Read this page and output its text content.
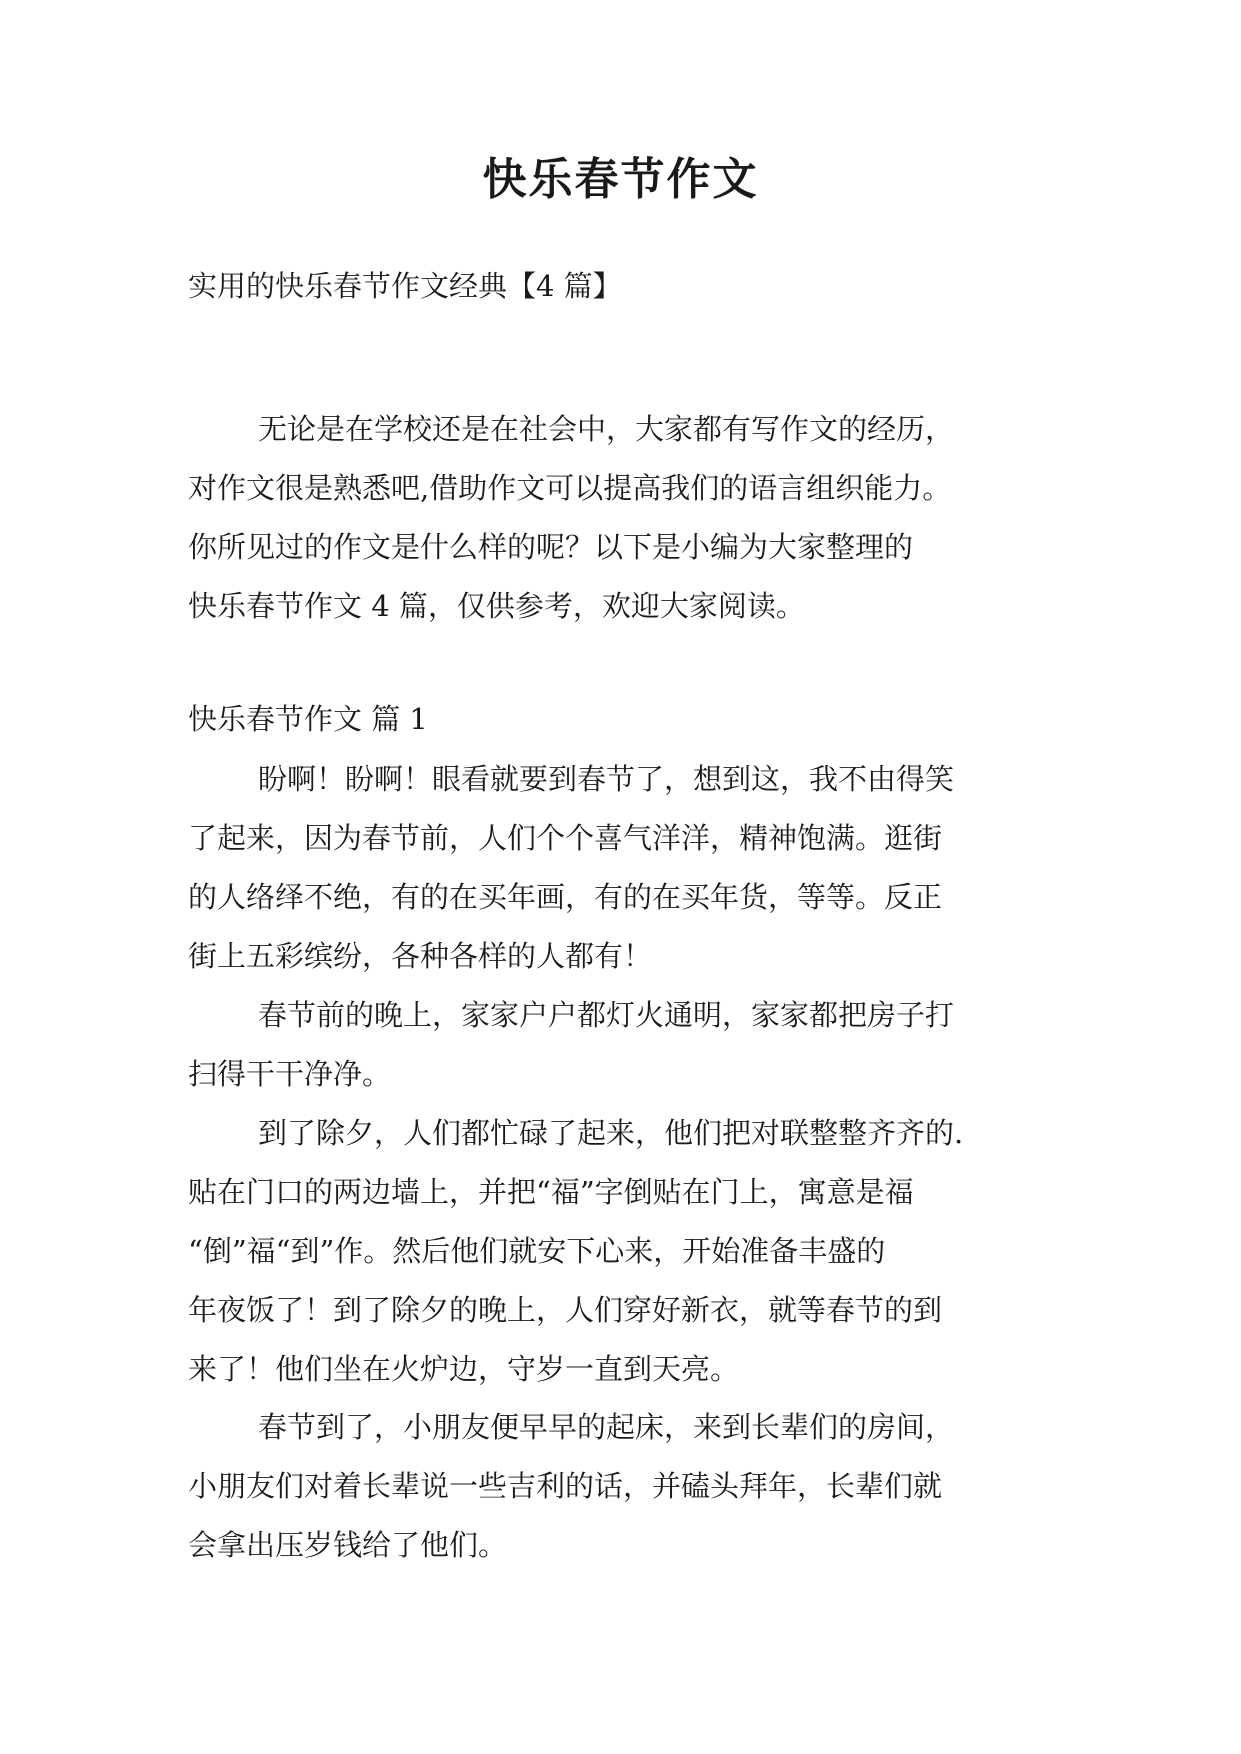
快乐春节作文
实用的快乐春节作文经典【4 篇】
无论是在学校还是在社会中，大家都有写作文的经历，
对作文很是熟悉吧,借助作文可以提高我们的语言组织能力。
你所见过的作文是什么样的呢？以下是小编为大家整理的
快乐春节作文 4 篇，仅供参考，欢迎大家阅读。
快乐春节作文 篇 1
盼啊！盼啊！眼看就要到春节了，想到这，我不由得笑
了起来，因为春节前，人们个个喜气洋洋，精神饱满。逛街
的人络绎不绝，有的在买年画，有的在买年货，等等。反正
街上五彩缤纷，各种各样的人都有！
春节前的晚上，家家户户都灯火通明，家家都把房子打
扫得干干净净。
到了除夕，人们都忙碌了起来，他们把对联整整齐齐的.
贴在门口的两边墙上，并把“福”字倒贴在门上，寓意是福
“倒”福“到”作。然后他们就安下心来，开始准备丰盛的
年夜饭了！到了除夕的晚上，人们穿好新衣，就等春节的到
来了！他们坐在火炉边，守岁一直到天亮。
春节到了，小朋友便早早的起床，来到长辈们的房间，
小朋友们对着长辈说一些吉利的话，并磕头拜年，长辈们就
会拿出压岁钱给了他们。
